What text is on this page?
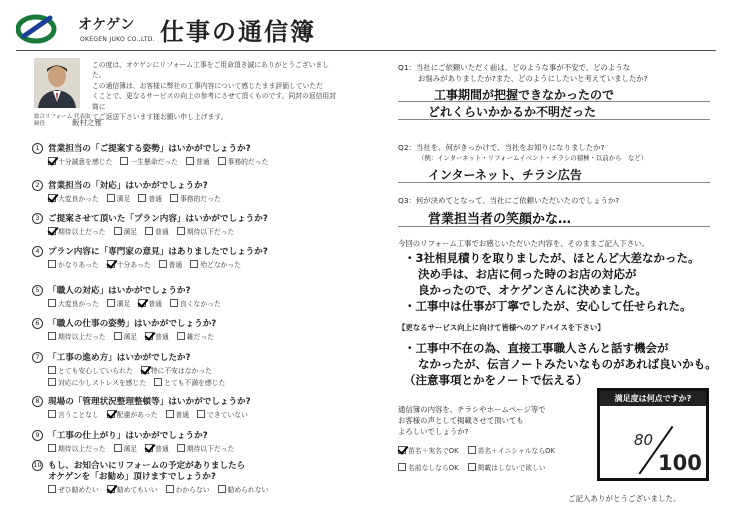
オケゲン
OKEGEN JUKO CO.,LTD. 仕事の通信簿
この度は、オケゲンにリフォーム工事をご用命頂き誠にありがとうございました。
この通信簿は、お客様に弊社の工事内容について感じたまま評価していただ
くことで、更なるサービスの向上の参考にさせて頂くものです。同封の返信用封筒に
てご返送下さいます様お願い申し上げます。
総合リフォーム 代表取締役	飯村之雅
1 営業担当の「ご提案する姿勢」はいかがでしょうか?
十分誠意を感じた	一生懸命だった	普通	事務的だった
2 営業担当の「対応」はいかがでしょうか?
大変良かった	満足	普通	事務的だった
3 ご提案させて頂いた「プラン内容」はいかがでしょうか?
期待以上だった	満足	普通	期待以下だった
4 プラン内容に「専門家の意見」はありましたでしょうか?
かなりあった	十分あった	普通	殆どなかった
5 「職人の対応」はいかがでしょうか?
大変良かった	満足	普通	良くなかった
6 「職人の仕事の姿勢」はいかがでしょうか?
期待以上だった	満足	普通	雑だった
7 「工事の進め方」はいかがでしたか?
とても安心していられた	特に不安はなかった
対応に少しストレスを感じた	とても不満を感じた
8 現場の「管理状況整理整頓等」はいかがでしょうか?
言うことなし	配慮があった	普通	できていない
9 「工事の仕上がり」はいかがでしょうか?
期待以上だった	満足	普通	期待以下だった
10 もし、お知合いにリフォームの予定がありましたら
オケゲンを「お勧め」頂けますでしょうか?
ぜひ勧めたい	勧めてもいい	わからない	勧められない
Q1：当社にご依頼いただく前は、どのような事が不安で、どのような
お悩みがありましたか?また、どのようにしたいと考えていましたか?
工事期間が把握できなかったので
どれくらいかかるか不明だった
Q2：当社を、何がきっかけで、当社をお知りになりましたか?
（例：インターネット・リフォームイベント・チラシの積極・以前から　など）
インターネット、チラシ広告
Q3：何が決めてとなって、当社にご依頼いただいたのでしょうか?
営業担当者の笑顔かな…
今回のリフォーム工事でお感じいただいた内容を、そのままご記入下さい。
・3社相見積りを取りましたが、ほとんど大差なかった。
決め手は、お店に伺った時のお店の対応が
良かったので、オケゲンさんに決めました。
・工事中は仕事が丁寧でしたが、安心して任せられた。
【更なるサービス向上に向けて皆様へのアドバイスを下さい】
・工事中不在の為、直接工事職人さんと話す機会が
なかったが、伝言ノートみたいなものがあれば良いかも。
（注意事項とかをノートで伝える）
通信簿の内容を、チラシやホームページ等で
お客様の声として掲載させて頂いても
よろしいでしょうか?
苗名＋実名でOK	苗名＋イニシャルならOK
名前なしならOK	掲載はしないで欲しい
満足度は何点ですか?
80
100
ご記入ありがとうございました。
